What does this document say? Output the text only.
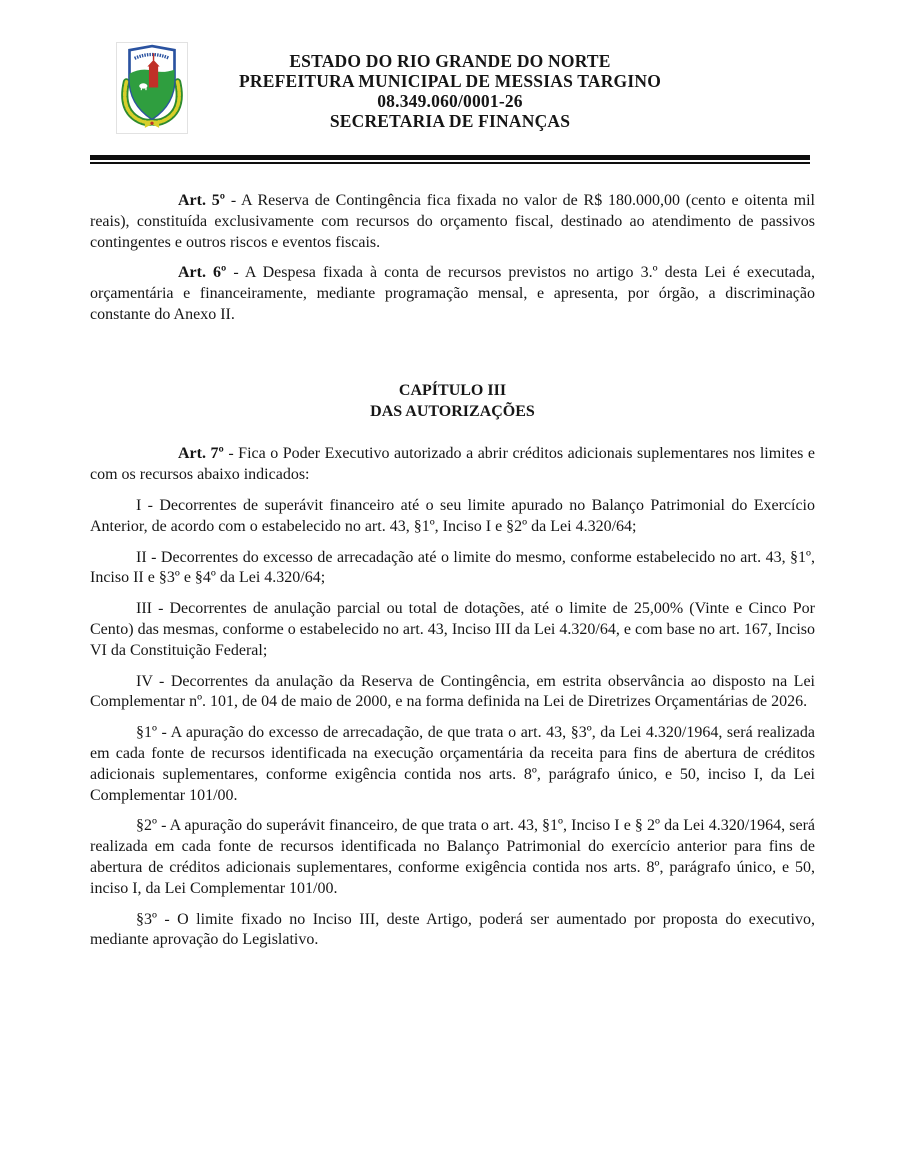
ESTADO DO RIO GRANDE DO NORTE
PREFEITURA MUNICIPAL DE MESSIAS TARGINO
08.349.060/0001-26
SECRETARIA DE FINANÇAS

Art. 5º - A Reserva de Contingência fica fixada no valor de R$ 180.000,00 (cento e oitenta mil reais), constituída exclusivamente com recursos do orçamento fiscal, destinado ao atendimento de passivos contingentes e outros riscos e eventos fiscais.

Art. 6º - A Despesa fixada à conta de recursos previstos no artigo 3.º desta Lei é executada, orçamentária e financeiramente, mediante programação mensal, e apresenta, por órgão, a discriminação constante do Anexo II.

CAPÍTULO III
DAS AUTORIZAÇÕES

Art. 7º - Fica o Poder Executivo autorizado a abrir créditos adicionais suplementares nos limites e com os recursos abaixo indicados:

I - Decorrentes de superávit financeiro até o seu limite apurado no Balanço Patrimonial do Exercício Anterior, de acordo com o estabelecido no art. 43, §1º, Inciso I e §2º da Lei 4.320/64;

II - Decorrentes do excesso de arrecadação até o limite do mesmo, conforme estabelecido no art. 43, §1º, Inciso II e §3º e §4º da Lei 4.320/64;

III - Decorrentes de anulação parcial ou total de dotações, até o limite de 25,00% (Vinte e Cinco Por Cento) das mesmas, conforme o estabelecido no art. 43, Inciso III da Lei 4.320/64, e com base no art. 167, Inciso VI da Constituição Federal;

IV - Decorrentes da anulação da Reserva de Contingência, em estrita observância ao disposto na Lei Complementar nº. 101, de 04 de maio de 2000, e na forma definida na Lei de Diretrizes Orçamentárias de 2026.

§1º - A apuração do excesso de arrecadação, de que trata o art. 43, §3º, da Lei 4.320/1964, será realizada em cada fonte de recursos identificada na execução orçamentária da receita para fins de abertura de créditos adicionais suplementares, conforme exigência contida nos arts. 8º, parágrafo único, e 50, inciso I, da Lei Complementar 101/00.

§2º - A apuração do superávit financeiro, de que trata o art. 43, §1º, Inciso I e § 2º da Lei 4.320/1964, será realizada em cada fonte de recursos identificada no Balanço Patrimonial do exercício anterior para fins de abertura de créditos adicionais suplementares, conforme exigência contida nos arts. 8º, parágrafo único, e 50, inciso I, da Lei Complementar 101/00.

§3º - O limite fixado no Inciso III, deste Artigo, poderá ser aumentado por proposta do executivo, mediante aprovação do Legislativo.
